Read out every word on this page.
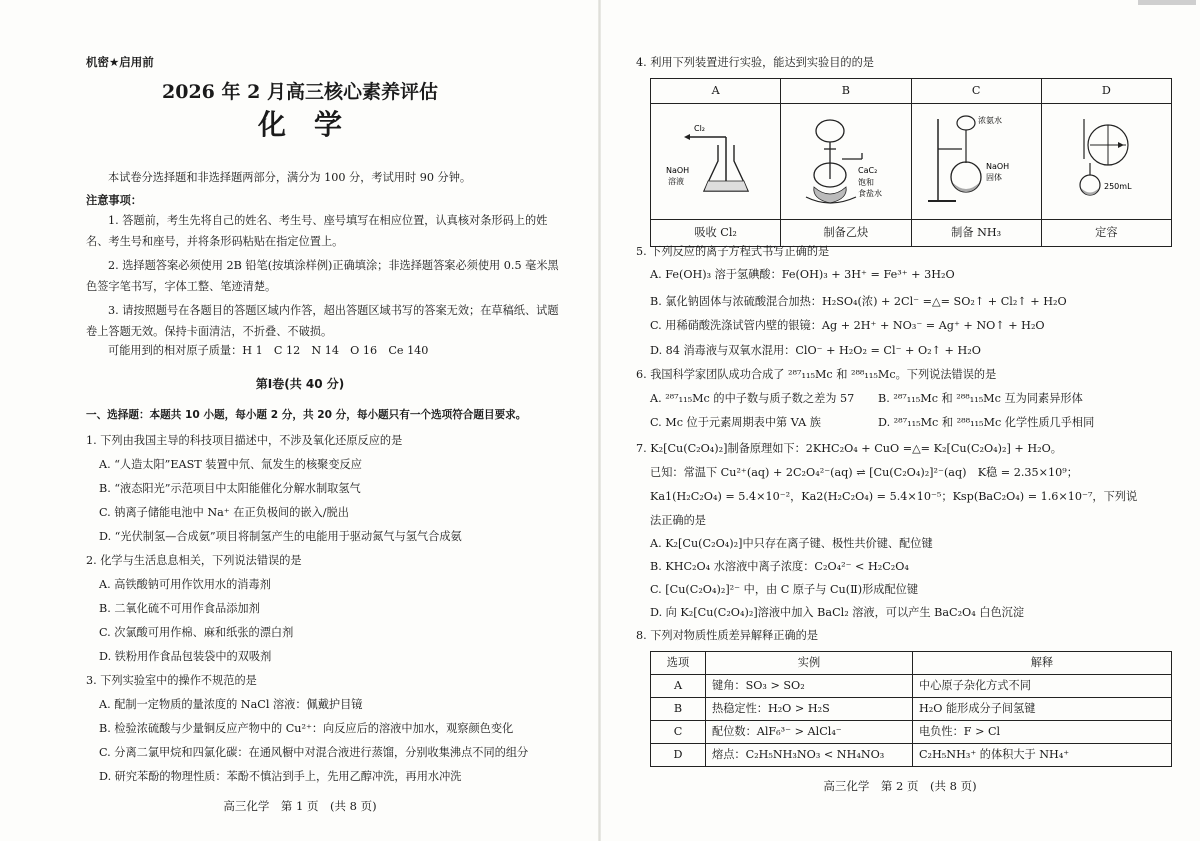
机密★启用前
2026 年 2 月高三核心素养评估
化学
本试卷分选择题和非选择题两部分，满分为 100 分，考试用时 90 分钟。
注意事项：
1. 答题前，考生先将自己的姓名、考生号、座号填写在相应位置，认真核对条形码上的姓名、考生号和座号，并将条形码粘贴在指定位置上。
2. 选择题答案必须使用 2B 铅笔(按填涂样例)正确填涂；非选择题答案必须使用 0.5 毫米黑色签字笔书写，字体工整、笔迹清楚。
3. 请按照题号在各题目的答题区域内作答，超出答题区域书写的答案无效；在草稿纸、试题卷上答题无效。保持卡面清洁，不折叠、不破损。
可能用到的相对原子质量：H 1　C 12　N 14　O 16　Ce 140
第Ⅰ卷(共 40 分)
一、选择题：本题共 10 小题，每小题 2 分，共 20 分，每小题只有一个选项符合题目要求。
1. 下列由我国主导的科技项目描述中，不涉及氧化还原反应的是
A. “人造太阳”EAST 装置中氘、氚发生的核聚变反应
B. “液态阳光”示范项目中太阳能催化分解水制取氢气
C. 钠离子储能电池中 Na⁺ 在正负极间的嵌入/脱出
D. “光伏制氢—合成氨”项目将制氢产生的电能用于驱动氮气与氢气合成氨
2. 化学与生活息息相关，下列说法错误的是
A. 高铁酸钠可用作饮用水的消毒剂
B. 二氧化硫不可用作食品添加剂
C. 次氯酸可用作棉、麻和纸张的漂白剂
D. 铁粉用作食品包装袋中的双吸剂
3. 下列实验室中的操作不规范的是
A. 配制一定物质的量浓度的 NaCl 溶液：佩戴护目镜
B. 检验浓硫酸与少量铜反应产物中的 Cu²⁺：向反应后的溶液中加水，观察颜色变化
C. 分离二氯甲烷和四氯化碳：在通风橱中对混合液进行蒸馏，分别收集沸点不同的组分
D. 研究苯酚的物理性质：苯酚不慎沾到手上，先用乙醇冲洗，再用水冲洗
高三化学　第 1 页　(共 8 页)
4. 利用下列装置进行实验，能达到实验目的的是
A	B	C	D

Cl₂
NaOH
溶液	CaC₂
饱和
食盐水	浓氨水
NaOH
固体	250mL

吸收 Cl₂	制备乙炔	制备 NH₃	定容
5. 下列反应的离子方程式书写正确的是
A. Fe(OH)₃ 溶于氢碘酸：Fe(OH)₃ + 3H⁺ = Fe³⁺ + 3H₂O
B. 氯化钠固体与浓硫酸混合加热：H₂SO₄(浓) + 2Cl⁻ =△= SO₂↑ + Cl₂↑ + H₂O
C. 用稀硝酸洗涤试管内壁的银镜：Ag + 2H⁺ + NO₃⁻ = Ag⁺ + NO↑ + H₂O
D. 84 消毒液与双氧水混用：ClO⁻ + H₂O₂ = Cl⁻ + O₂↑ + H₂O
6. 我国科学家团队成功合成了 ²⁸⁷₁₁₅Mc 和 ²⁸⁸₁₁₅Mc。下列说法错误的是
A. ²⁸⁷₁₁₅Mc 的中子数与质子数之差为 57 B. ²⁸⁷₁₁₅Mc 和 ²⁸⁸₁₁₅Mc 互为同素异形体
C. Mc 位于元素周期表中第 VA 族	D. ²⁸⁷₁₁₅Mc 和 ²⁸⁸₁₁₅Mc 化学性质几乎相同
7. K₂[Cu(C₂O₄)₂]制备原理如下：2KHC₂O₄ + CuO =△= K₂[Cu(C₂O₄)₂] + H₂O。
已知：常温下 Cu²⁺(aq) + 2C₂O₄²⁻(aq) ⇌ [Cu(C₂O₄)₂]²⁻(aq)　K稳 = 2.35×10⁹；
Ka1(H₂C₂O₄) = 5.4×10⁻²，Ka2(H₂C₂O₄) = 5.4×10⁻⁵；Ksp(BaC₂O₄) = 1.6×10⁻⁷，下列说
法正确的是
A. K₂[Cu(C₂O₄)₂]中只存在离子键、极性共价键、配位键
B. KHC₂O₄ 水溶液中离子浓度：C₂O₄²⁻ < H₂C₂O₄
C. [Cu(C₂O₄)₂]²⁻ 中，由 C 原子与 Cu(Ⅱ)形成配位键
D. 向 K₂[Cu(C₂O₄)₂]溶液中加入 BaCl₂ 溶液，可以产生 BaC₂O₄ 白色沉淀
8. 下列对物质性质差异解释正确的是
选项	实例	解释
A	键角：SO₃ > SO₂	中心原子杂化方式不同
B	热稳定性：H₂O > H₂S	H₂O 能形成分子间氢键
C	配位数：AlF₆³⁻ > AlCl₄⁻	电负性：F > Cl
D	熔点：C₂H₅NH₃NO₃ < NH₄NO₃	C₂H₅NH₃⁺ 的体积大于 NH₄⁺
高三化学　第 2 页　(共 8 页)
